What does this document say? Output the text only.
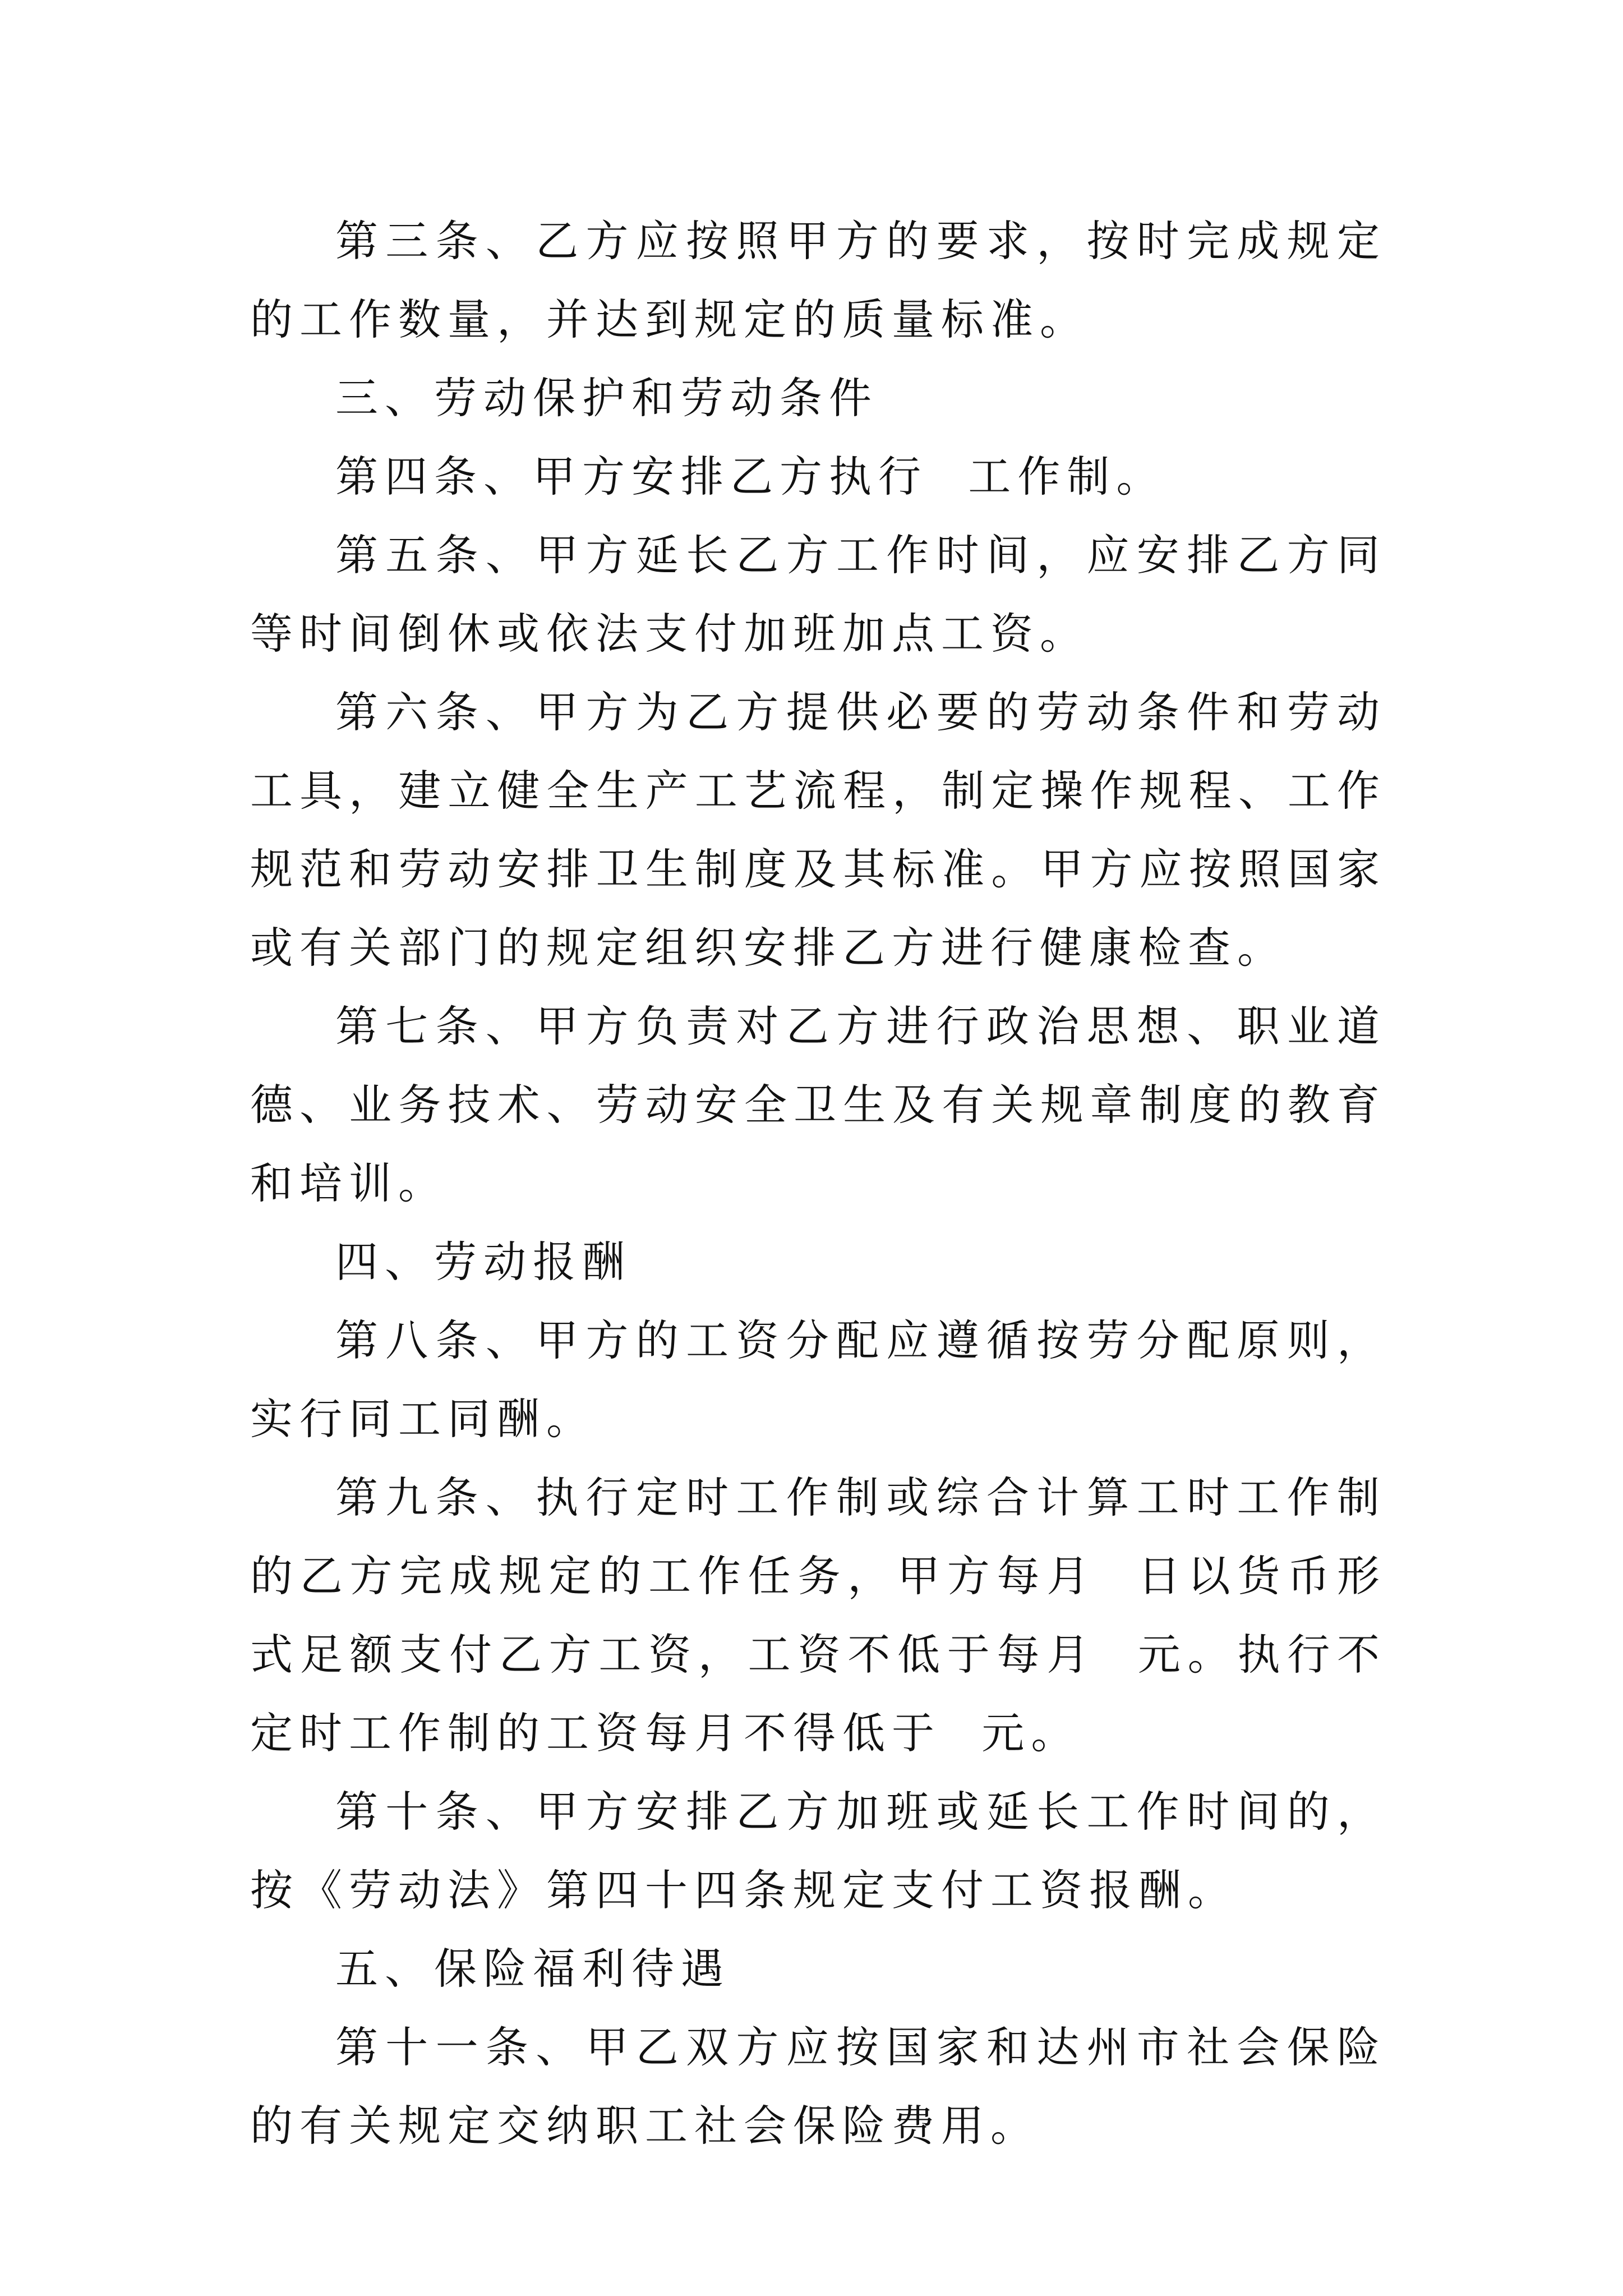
第三条、乙方应按照甲方的要求，按时完成规定的工作数量，并达到规定的质量标准。

三、劳动保护和劳动条件

第四条、甲方安排乙方执行  工作制。

第五条、甲方延长乙方工作时间，应安排乙方同等时间倒休或依法支付加班加点工资。

第六条、甲方为乙方提供必要的劳动条件和劳动工具，建立健全生产工艺流程，制定操作规程、工作规范和劳动安排卫生制度及其标准。甲方应按照国家或有关部门的规定组织安排乙方进行健康检查。

第七条、甲方负责对乙方进行政治思想、职业道德、业务技术、劳动安全卫生及有关规章制度的教育和培训。

四、劳动报酬

第八条、甲方的工资分配应遵循按劳分配原则，实行同工同酬。

第九条、执行定时工作制或综合计算工时工作制的乙方完成规定的工作任务，甲方每月  日以货币形式足额支付乙方工资，工资不低于每月  元。执行不定时工作制的工资每月不得低于  元。

第十条、甲方安排乙方加班或延长工作时间的，按《劳动法》第四十四条规定支付工资报酬。

五、保险福利待遇

第十一条、甲乙双方应按国家和达州市社会保险的有关规定交纳职工社会保险费用。
